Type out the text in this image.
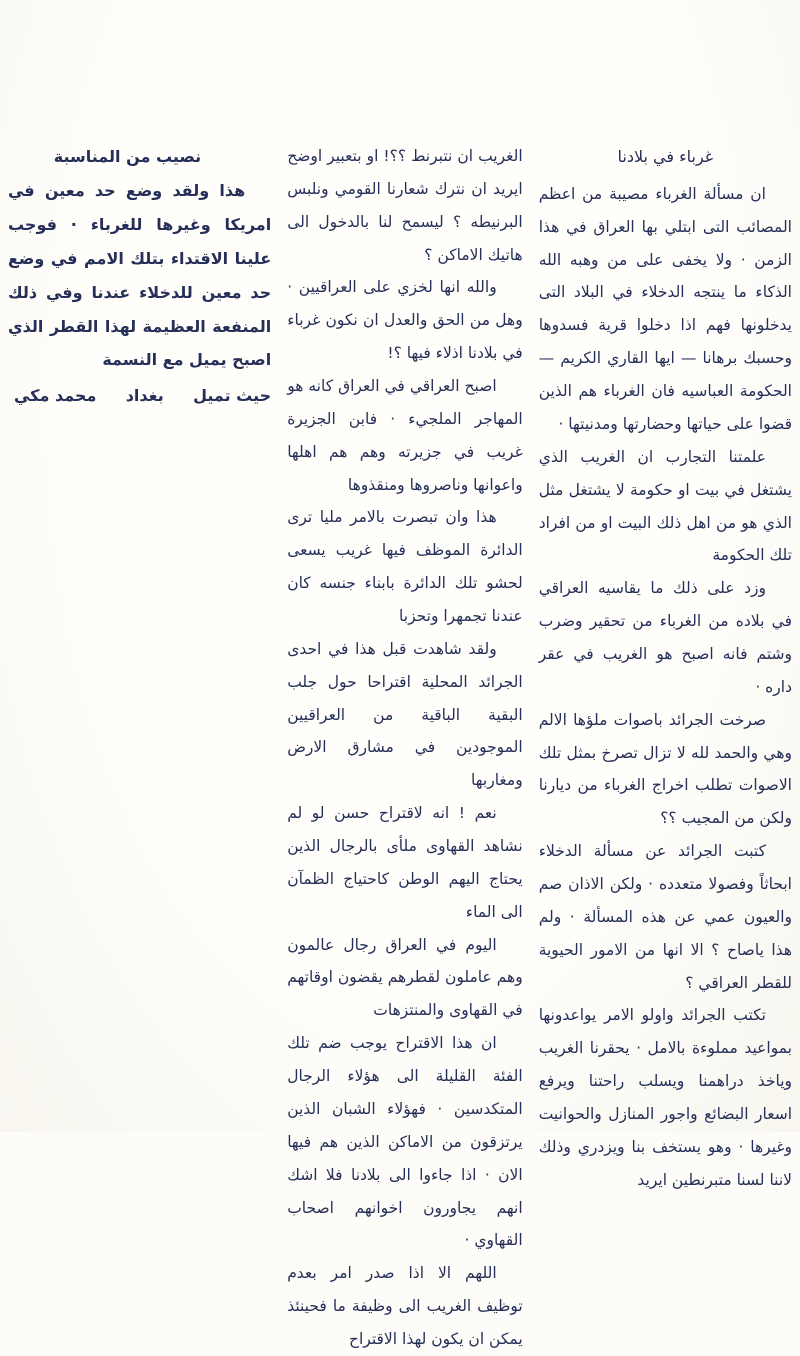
غرباء في بلادنا

ان مسألة الغرباء مصيبة من اعظم المصائب التى ابتلي بها العراق في هذا الزمن · ولا يخفى على من وهبه الله الذكاء ما ينتجه الدخلاء في البلاد التى يدخلونها فهم اذا دخلوا قرية فسدوها وحسبك برهانا — ايها القاري الكريم — الحكومة العباسيه فان الغرباء هم الذين قضوا على حياتها وحضارتها ومدنيتها ·

علمتنا التجارب ان الغريب الذي يشتغل في بيت او حكومة لا يشتغل مثل الذي هو من اهل ذلك البيت او من افراد تلك الحكومة

وزد على ذلك ما يقاسيه العراقي في بلاده من الغرباء من تحقير وضرب وشتم فانه اصبح هو الغريب في عقر داره ·

صرخت الجرائد باصوات ملؤها الالم وهي والحمد لله لا تزال تصرخ بمثل تلك الاصوات تطلب اخراج الغرباء من ديارنا ولكن من المجيب ؟؟

كتبت الجرائد عن مسألة الدخلاء ابحاثاً وفصولا متعدده · ولكن الاذان صم والعيون عمي عن هذه المسألة · ولم هذا ياصاح ؟ الا انها من الامور الحيوية للقطر العراقي ؟

تكتب الجرائد واولو الامر يواعدونها بمواعيد مملوءة بالامل · يحقرنا الغريب وياخذ دراهمنا ويسلب راحتنا ويرفع اسعار البضائع واجور المنازل والحوانيت وغيرها · وهو يستخف بنا ويزدري وذلك لاننا لسنا متبرنطين ايريد

الغريب ان نتبرنط ؟؟! او بتعبير اوضح ايريد ان نترك شعارنا القومي ونلبس البرنيطه ؟ ليسمح لنا بالدخول الى هاتيك الاماكن ؟

والله انها لخزي على العراقيين · وهل من الحق والعدل ان نكون غرباء في بلادنا اذلاء فيها ؟!

اصبح العراقي في العراق كانه هو المهاجر الملجيء · فابن الجزيرة غريب في جزيرته وهم هم اهلها واعوانها وناصروها ومنقذوها

هذا وان تبصرت بالامر مليا ترى الدائرة الموظف فيها غريب يسعى لحشو تلك الدائرة بابناء جنسه كان عندنا تجمهرا وتحزبا

ولقد شاهدت قبل هذا في احدى الجرائد المحلية اقتراحا حول جلب البقية الباقية من العراقيين الموجودين في مشارق الارض ومغاربها

نعم ! انه لاقتراح حسن لو لم نشاهد القهاوى ملأى بالرجال الذين يحتاج اليهم الوطن كاحتياج الظمآن الى الماء

اليوم في العراق رجال عالمون وهم عاملون لقطرهم يقضون اوقاتهم في القهاوى والمنتزهات

ان هذا الاقتراح يوجب ضم تلك الفئة القليلة الى هؤلاء الرجال المتكدسين · فهؤلاء الشبان الذين يرتزقون من الاماكن الذين هم فيها الان · اذا جاءوا الى بلادنا فلا اشك انهم يجاورون اخوانهم اصحاب القهاوي ·

اللهم الا اذا صدر امر بعدم توظيف الغريب الى وظيفة ما فحينئذ يمكن ان يكون لهذا الاقتراح

نصيب من المناسبة

هذا ولقد وضع حد معين في امريكا وغيرها للغرباء · فوجب علينا الاقتداء بتلك الامم في وضع حد معين للدخلاء عندنا وفي ذلك المنفعة العظيمة لهذا القطر الذي اصبح يميل مع النسمة

حيث تميل
بغداد
محمد مكي
